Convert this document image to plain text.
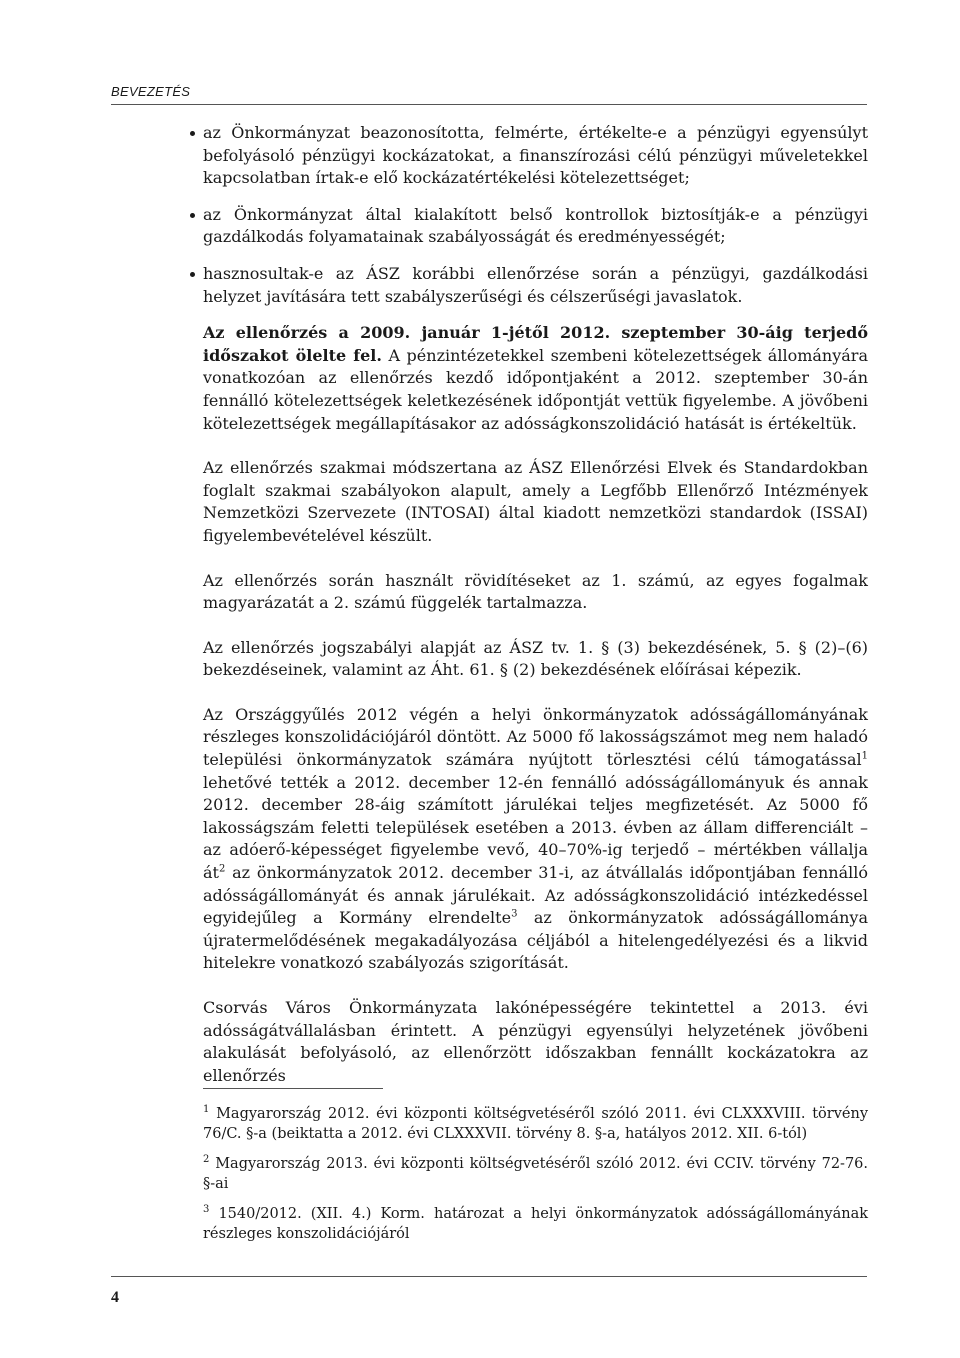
BEVEZETÉS
az Önkormányzat beazonosította, felmérte, értékelte-e a pénzügyi egyensúlyt befolyásoló pénzügyi kockázatokat, a finanszírozási célú pénzügyi műveletekkel kapcsolatban írtak-e elő kockázatértékelési kötelezettséget;
az Önkormányzat által kialakított belső kontrollok biztosítják-e a pénzügyi gazdálkodás folyamatainak szabályosságát és eredményességét;
hasznosultak-e az ÁSZ korábbi ellenőrzése során a pénzügyi, gazdálkodási helyzet javítására tett szabályszerűségi és célszerűségi javaslatok.

Az ellenőrzés a 2009. január 1-jétől 2012. szeptember 30-áig terjedő időszakot ölelte fel. A pénzintézetekkel szembeni kötelezettségek állományára vonatkozóan az ellenőrzés kezdő időpontjaként a 2012. szeptember 30-án fennálló kötelezettségek keletkezésének időpontját vettük figyelembe. A jövőbeni kötelezettségek megállapításakor az adósságkonszolidáció hatását is értékeltük.

Az ellenőrzés szakmai módszertana az ÁSZ Ellenőrzési Elvek és Standardokban foglalt szakmai szabályokon alapult, amely a Legfőbb Ellenőrző Intézmények Nemzetközi Szervezete (INTOSAI) által kiadott nemzetközi standardok (ISSAI) figyelembevételével készült.

Az ellenőrzés során használt rövidítéseket az 1. számú, az egyes fogalmak magyarázatát a 2. számú függelék tartalmazza.

Az ellenőrzés jogszabályi alapját az ÁSZ tv. 1. § (3) bekezdésének, 5. § (2)–(6) bekezdéseinek, valamint az Áht. 61. § (2) bekezdésének előírásai képezik.

Az Országgyűlés 2012 végén a helyi önkormányzatok adósságállományának részleges konszolidációjáról döntött. Az 5000 fő lakosságszámot meg nem haladó települési önkormányzatok számára nyújtott törlesztési célú támogatással$^1$ lehetővé tették a 2012. december 12-én fennálló adósságállományuk és annak 2012. december 28-áig számított járulékai teljes megfizetését. Az 5000 fő lakosságszám feletti települések esetében a 2013. évben az állam differenciált – az adóerő-képességet figyelembe vevő, 40–70%-ig terjedő – mértékben vállalja $át^2$ az önkormányzatok 2012. december 31-i, az átvállalás időpontjában fennálló adósságállományát és annak járulékait. Az adósságkonszolidáció intézkedéssel egyidejűleg a Kormány elrendelte$^3$ az önkormányzatok adósságállománya újratermelődésének megakadályozása céljából a hitelengedélyezési és a likvid hitelekre vonatkozó szabályozás szigorítását.

Csorvás Város Önkormányzata lakónépességére tekintettel a 2013. évi adósságátvállalásban érintett. A pénzügyi egyensúlyi helyzetének jövőbeni alakulását befolyásoló, az ellenőrzött időszakban fennállt kockázatokra az ellenőrzés

$^1$ Magyarország 2012. évi központi költségvetéséről szóló 2011. évi CLXXXVIII. törvény 76/C. §-a (beiktatta a 2012. évi CLXXXVII. törvény 8. §-a, hatályos 2012. XII. 6-tól)
$^2$ Magyarország 2013. évi központi költségvetéséről szóló 2012. évi CCIV. törvény 72-76. §-ai
$^3$ 1540/2012. (XII. 4.) Korm. határozat a helyi önkormányzatok adósságállományának részleges konszolidációjáról
4
